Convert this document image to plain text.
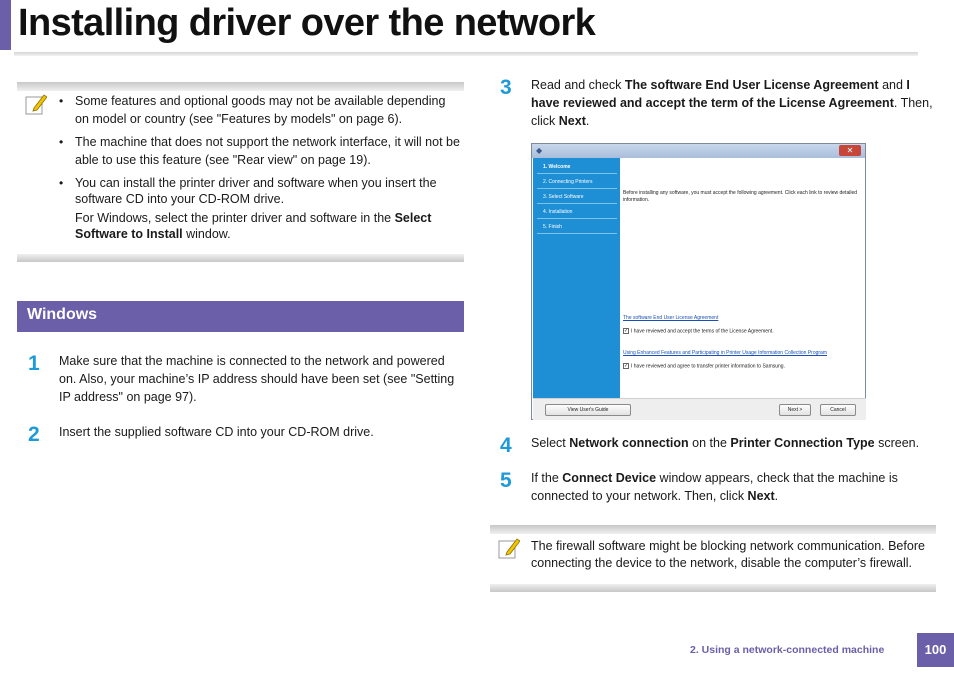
Installing driver over the network
• Some features and optional goods may not be available depending on model or country (see "Features by models" on page 6).
• The machine that does not support the network interface, it will not be able to use this feature (see "Rear view" on page 19).
• You can install the printer driver and software when you insert the software CD into your CD-ROM drive.
For Windows, select the printer driver and software in the Select Software to Install window.
Windows
1 Make sure that the machine is connected to the network and powered on. Also, your machine’s IP address should have been set (see "Setting IP address" on page 97).
2 Insert the supplied software CD into your CD-ROM drive.
3 Read and check The software End User License Agreement and I have reviewed and accept the term of the License Agreement. Then, click Next.
◆	✕
1. Welcome
2. Connecting Printers
3. Select Software
4. Installation
5. Finish
Before installing any software, you must accept the following agreement. Click each link to review detailed information.
The software End User License Agreement
✓ I have reviewed and accept the terms of the License Agreement.
Using Enhanced Features and Participating in Printer Usage Information Collection Program
✓ I have reviewed and agree to transfer printer information to Samsung.
View User's Guide	Next >	Cancel
4 Select Network connection on the Printer Connection Type screen.
5 If the Connect Device window appears, check that the machine is connected to your network. Then, click Next.
The firewall software might be blocking network communication. Before connecting the device to the network, disable the computer’s firewall.
2. Using a network-connected machine	100
